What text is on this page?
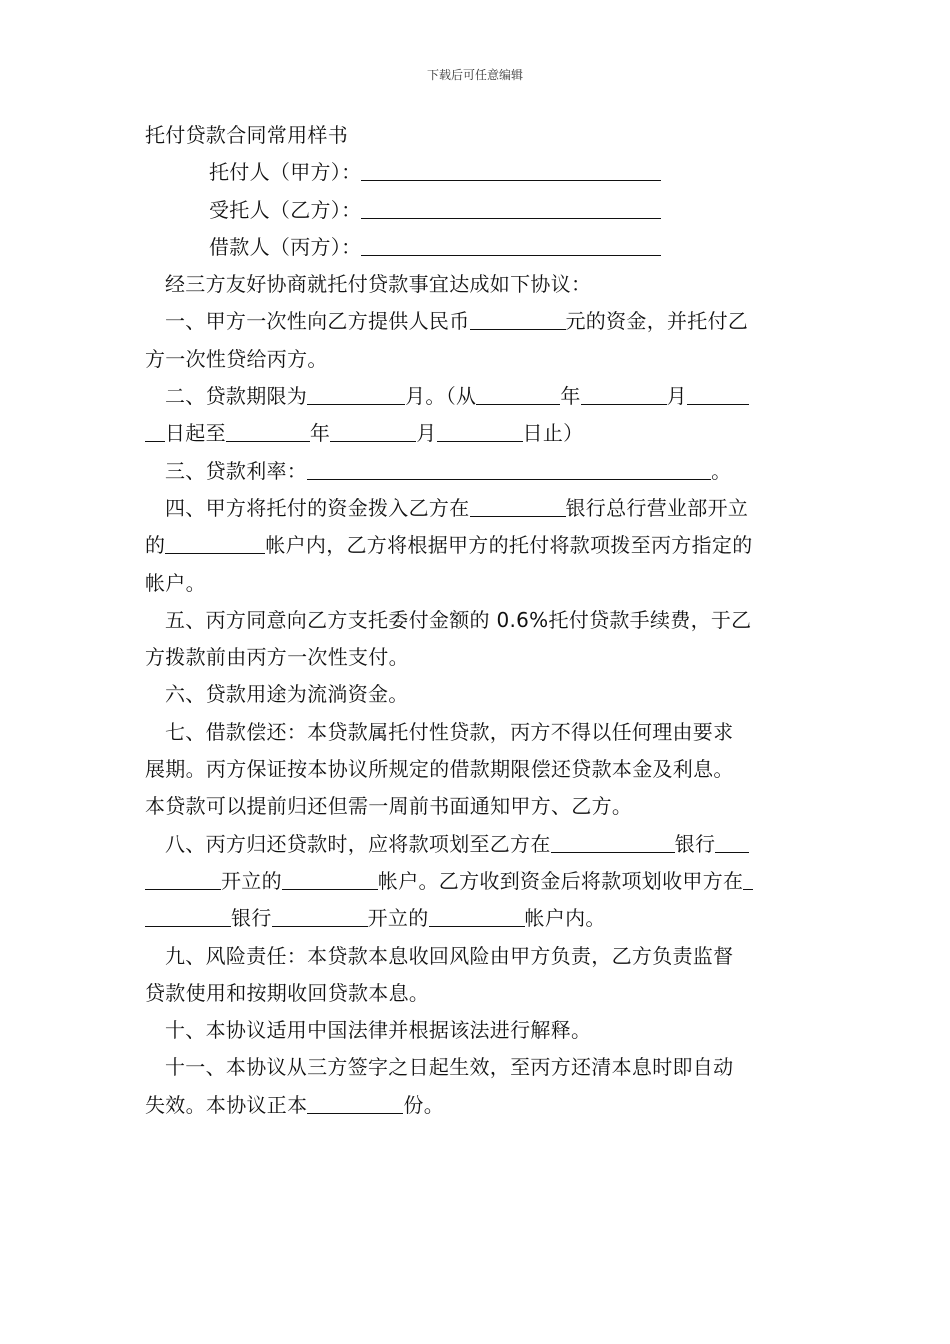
下载后可任意编辑
托付贷款合同常用样书
托付人（甲方）：
受托人（乙方）：
借款人（丙方）：
经三方友好协商就托付贷款事宜达成如下协议：
一、甲方一次性向乙方提供人民币	元的资金，并托付乙
方一次性贷给丙方。
二、贷款期限为	月。（从	年	月
日起至	年	月	日止）
三、贷款利率：	。
四、甲方将托付的资金拨入乙方在	银行总行营业部开立
的	帐户内，乙方将根据甲方的托付将款项拨至丙方指定的
帐户。
五、丙方同意向乙方支托委付金额的 0.6%托付贷款手续费，于乙
方拨款前由丙方一次性支付。
六、贷款用途为流淌资金。
七、借款偿还：本贷款属托付性贷款，丙方不得以任何理由要求
展期。丙方保证按本协议所规定的借款期限偿还贷款本金及利息。
本贷款可以提前归还但需一周前书面通知甲方、乙方。
八、丙方归还贷款时，应将款项划至乙方在	银行
开立的	帐户。乙方收到资金后将款项划收甲方在
银行	开立的	帐户内。
九、风险责任：本贷款本息收回风险由甲方负责，乙方负责监督
贷款使用和按期收回贷款本息。
十、本协议适用中国法律并根据该法进行解释。
十一、本协议从三方签字之日起生效，至丙方还清本息时即自动
失效。本协议正本	份。
